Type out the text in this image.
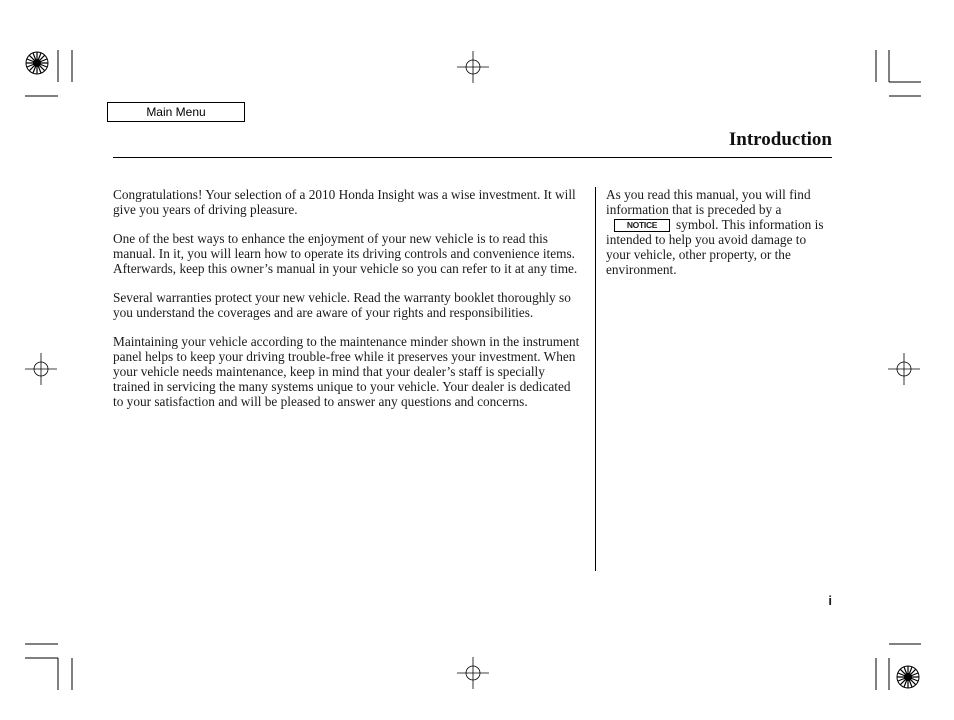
Main Menu
Introduction

Congratulations! Your selection of a 2010 Honda Insight was a wise investment. It will give you years of driving pleasure.

One of the best ways to enhance the enjoyment of your new vehicle is to read this manual. In it, you will learn how to operate its driving controls and convenience items. Afterwards, keep this owner’s manual in your vehicle so you can refer to it at any time.

Several warranties protect your new vehicle. Read the warranty booklet thoroughly so you understand the coverages and are aware of your rights and responsibilities.

Maintaining your vehicle according to the maintenance minder shown in the instrument panel helps to keep your driving trouble-free while it preserves your investment. When your vehicle needs maintenance, keep in mind that your dealer’s staff is specially trained in servicing the many systems unique to your vehicle. Your dealer is dedicated to your satisfaction and will be pleased to answer any questions and concerns.

As you read this manual, you will find information that is preceded by aNOTICE symbol. This information is intended to help you avoid damage to your vehicle, other property, or the environment.

i
